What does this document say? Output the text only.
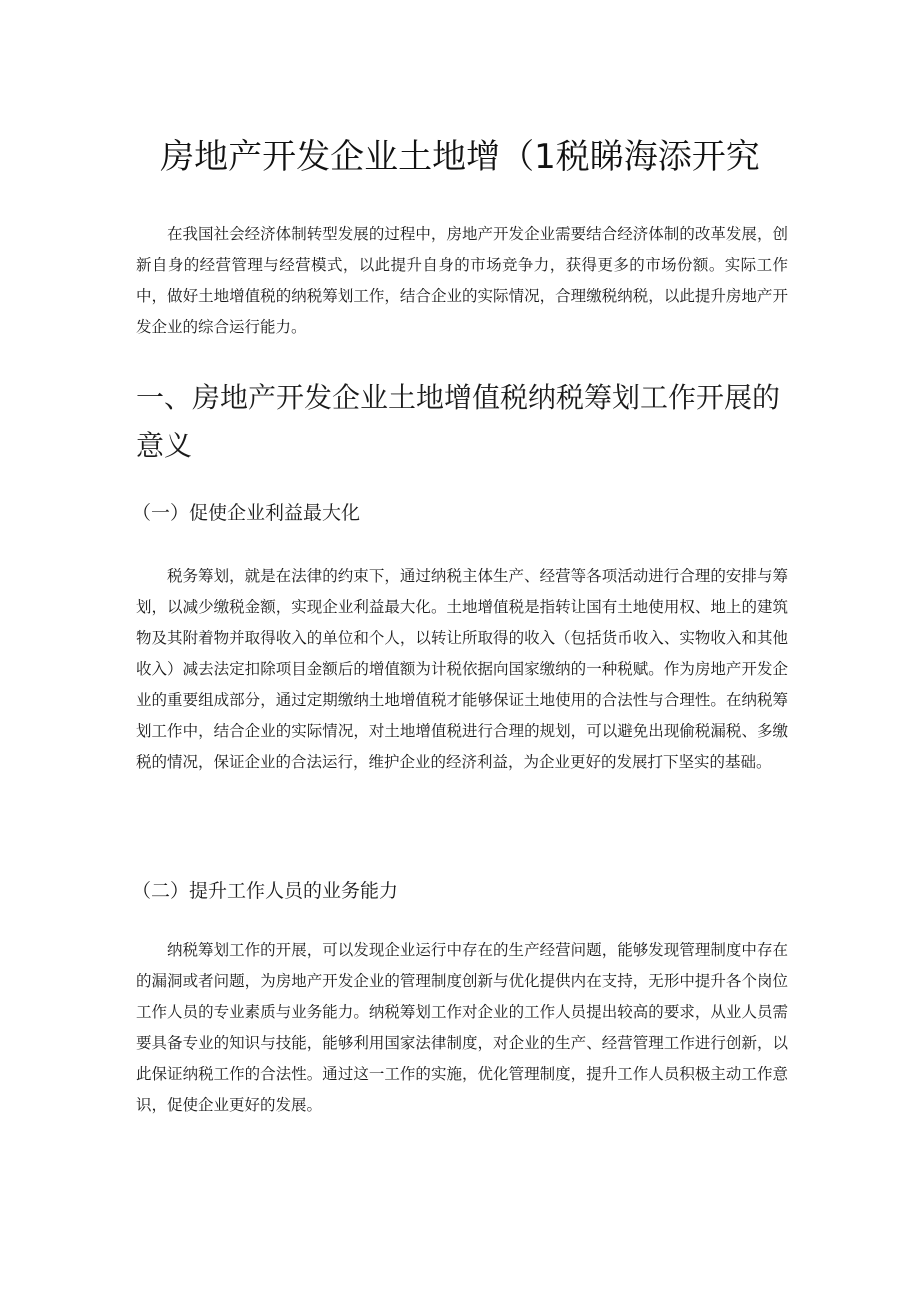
房地产开发企业土地增（1税睇海添开究

在我国社会经济体制转型发展的过程中，房地产开发企业需要结合经济体制的改革发展，创新自身的经营管理与经营模式，以此提升自身的市场竞争力，获得更多的市场份额。实际工作中，做好土地增值税的纳税筹划工作，结合企业的实际情况，合理缴税纳税，以此提升房地产开发企业的综合运行能力。

一、房地产开发企业土地增值税纳税筹划工作开展的意义
（一）促使企业利益最大化

税务筹划，就是在法律的约束下，通过纳税主体生产、经营等各项活动进行合理的安排与筹划，以减少缴税金额，实现企业利益最大化。土地增值税是指转让国有土地使用权、地上的建筑物及其附着物并取得收入的单位和个人，以转让所取得的收入（包括货币收入、实物收入和其他收入）减去法定扣除项目金额后的增值额为计税依据向国家缴纳的一种税赋。作为房地产开发企业的重要组成部分，通过定期缴纳土地增值税才能够保证土地使用的合法性与合理性。在纳税筹划工作中，结合企业的实际情况，对土地增值税进行合理的规划，可以避免出现偷税漏税、多缴税的情况，保证企业的合法运行，维护企业的经济利益，为企业更好的发展打下坚实的基础。

（二）提升工作人员的业务能力

纳税筹划工作的开展，可以发现企业运行中存在的生产经营问题，能够发现管理制度中存在的漏洞或者问题，为房地产开发企业的管理制度创新与优化提供内在支持，无形中提升各个岗位工作人员的专业素质与业务能力。纳税筹划工作对企业的工作人员提出较高的要求，从业人员需要具备专业的知识与技能，能够利用国家法律制度，对企业的生产、经营管理工作进行创新，以此保证纳税工作的合法性。通过这一工作的实施，优化管理制度，提升工作人员积极主动工作意识，促使企业更好的发展。
